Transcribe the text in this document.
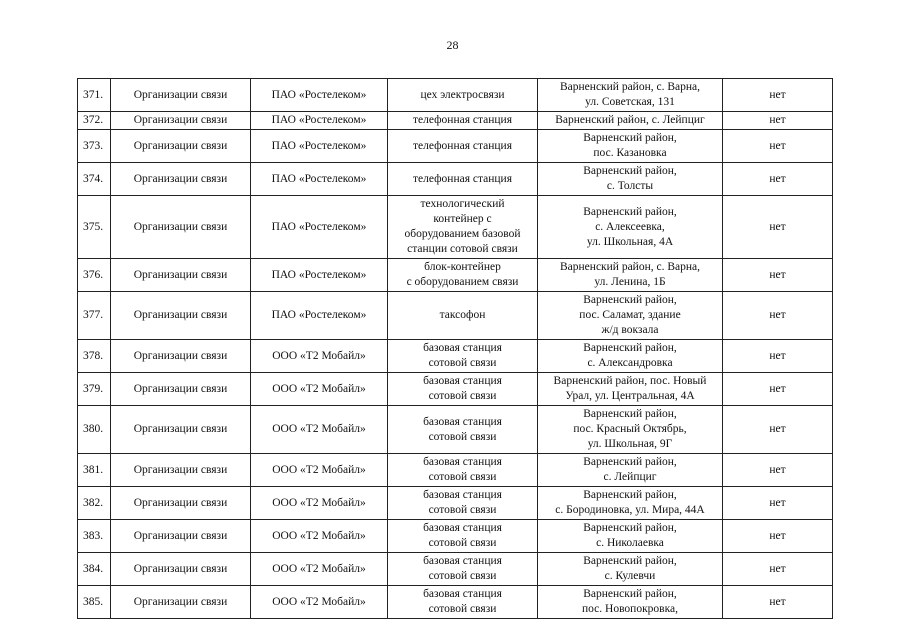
28
371.	Организации связи	ПАО «Ростелеком»	цех электросвязи	Варненский район, с. Варна,
ул. Советская, 131	нет
372.	Организации связи	ПАО «Ростелеком»	телефонная станция	Варненский район, с. Лейпциг	нет
373.	Организации связи	ПАО «Ростелеком»	телефонная станция	Варненский район,
пос. Казановка	нет
374.	Организации связи	ПАО «Ростелеком»	телефонная станция	Варненский район,
с. Толсты	нет
375.	Организации связи	ПАО «Ростелеком»	технологический
контейнер с
оборудованием базовой
станции сотовой связи	Варненский район,
с. Алексеевка,
ул. Школьная, 4А	нет
376.	Организации связи	ПАО «Ростелеком»	блок-контейнер
с оборудованием связи	Варненский район, с. Варна,
ул. Ленина, 1Б	нет
377.	Организации связи	ПАО «Ростелеком»	таксофон	Варненский район,
пос. Саламат, здание
ж/д вокзала	нет
378.	Организации связи	ООО «Т2 Мобайл»	базовая станция
сотовой связи	Варненский район,
с. Александровка	нет
379.	Организации связи	ООО «Т2 Мобайл»	базовая станция
сотовой связи	Варненский район, пос. Новый
Урал, ул. Центральная, 4А	нет
380.	Организации связи	ООО «Т2 Мобайл»	базовая станция
сотовой связи	Варненский район,
пос. Красный Октябрь,
ул. Школьная, 9Г	нет
381.	Организации связи	ООО «Т2 Мобайл»	базовая станция
сотовой связи	Варненский район,
с. Лейпциг	нет
382.	Организации связи	ООО «Т2 Мобайл»	базовая станция
сотовой связи	Варненский район,
с. Бородиновка, ул. Мира, 44А	нет
383.	Организации связи	ООО «Т2 Мобайл»	базовая станция
сотовой связи	Варненский район,
с. Николаевка	нет
384.	Организации связи	ООО «Т2 Мобайл»	базовая станция
сотовой связи	Варненский район,
с. Кулевчи	нет
385.	Организации связи	ООО «Т2 Мобайл»	базовая станция
сотовой связи	Варненский район,
пос. Новопокровка,	нет
